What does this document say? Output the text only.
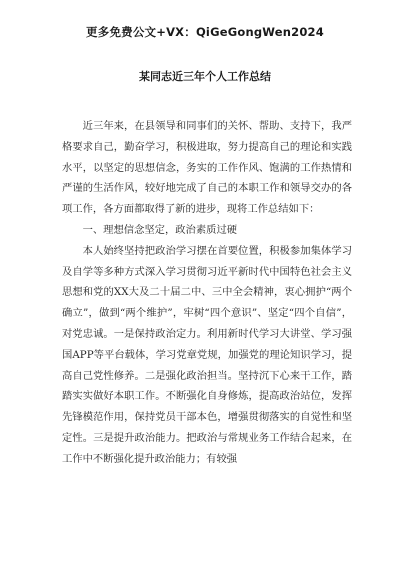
更多免费公文+VX：QiGeGongWen2024
某同志近三年个人工作总结

近三年来，在县领导和同事们的关怀、帮助、支持下，我严格要求自己，勤奋学习，积极进取，努力提高自己的理论和实践水平，以坚定的思想信念，务实的工作作风、饱满的工作热情和严谨的生活作风，较好地完成了自己的本职工作和领导交办的各项工作，各方面都取得了新的进步，现将工作总结如下：

一、理想信念坚定，政治素质过硬

本人始终坚持把政治学习摆在首要位置，积极参加集体学习及自学等多种方式深入学习贯彻习近平新时代中国特色社会主义思想和党的XX大及二十届二中、三中全会精神，衷心拥护“两个确立”，做到“两个维护”，牢树“四个意识”、坚定“四个自信”，对党忠诚。一是保持政治定力。利用新时代学习大讲堂、学习强国APP等平台载体，学习党章党规，加强党的理论知识学习，提高自己党性修养。二是强化政治担当。坚持沉下心来干工作，踏踏实实做好本职工作。不断强化自身修炼，提高政治站位，发挥先锋模范作用，保持党员干部本色，增强贯彻落实的自觉性和坚定性。三是提升政治能力。把政治与常规业务工作结合起来，在工作中不断强化提升政治能力；有较强
